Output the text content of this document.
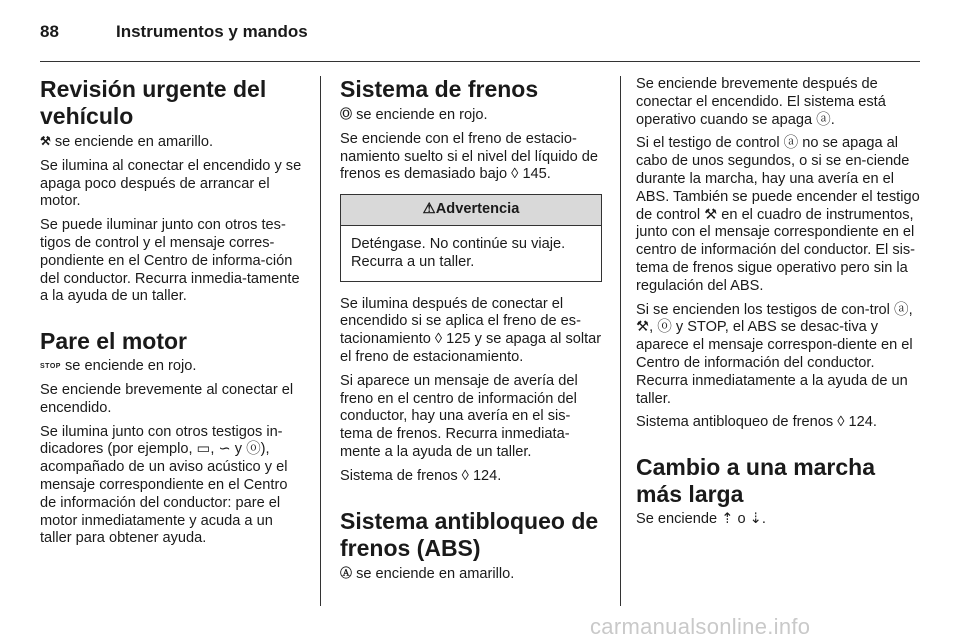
88	Instrumentos y mandos
Revisión urgente del vehículo

⚒ se enciende en amarillo.

Se ilumina al conectar el encendido y se apaga poco después de arrancar el motor.

Se puede iluminar junto con otros tes-tigos de control y el mensaje corres-pondiente en el Centro de informa-ción del conductor. Recurra inmedia-tamente a la ayuda de un taller.

Pare el motor

STOP se enciende en rojo.

Se enciende brevemente al conectar el encendido.

Se ilumina junto con otros testigos in-dicadores (por ejemplo, ▭, ∽ y ⓞ), acompañado de un aviso acústico y el mensaje correspondiente en el Centro de información del conductor: pare el motor inmediatamente y acuda a un taller para obtener ayuda.

Sistema de frenos

Ⓞ se enciende en rojo.

Se enciende con el freno de estacio-namiento suelto si el nivel del líquido de frenos es demasiado bajo ◊ 145.

⚠Advertencia
Deténgase. No continúe su viaje. Recurra a un taller.

Se ilumina después de conectar el encendido si se aplica el freno de es-tacionamiento ◊ 125 y se apaga al soltar el freno de estacionamiento.

Si aparece un mensaje de avería del freno en el centro de información del conductor, hay una avería en el sis-tema de frenos. Recurra inmediata-mente a la ayuda de un taller.

Sistema de frenos ◊ 124.

Sistema antibloqueo de frenos (ABS)

Ⓐ se enciende en amarillo.

Se enciende brevemente después de conectar el encendido. El sistema está operativo cuando se apaga ⓐ.

Si el testigo de control ⓐ no se apaga al cabo de unos segundos, o si se en-ciende durante la marcha, hay una avería en el ABS. También se puede encender el testigo de control ⚒ en el cuadro de instrumentos, junto con el mensaje correspondiente en el centro de información del conductor. El sis-tema de frenos sigue operativo pero sin la regulación del ABS.

Si se encienden los testigos de con-trol ⓐ, ⚒, ⓞ y STOP, el ABS se desac-tiva y aparece el mensaje correspon-diente en el Centro de información del conductor. Recurra inmediatamente a la ayuda de un taller.

Sistema antibloqueo de frenos ◊ 124.

Cambio a una marcha más larga

Se enciende ⇡ o ⇣.

carmanualsonline.info
